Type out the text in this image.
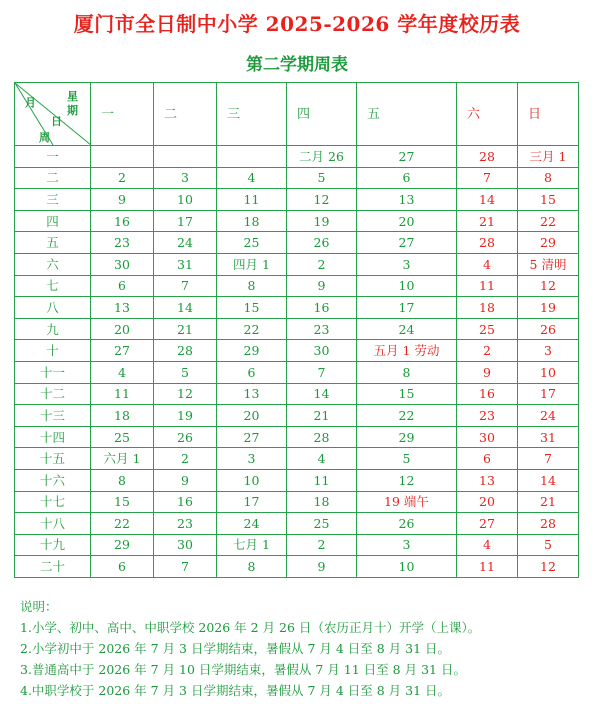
厦门市全日制中小学 2025-2026 学年度校历表
第二学期周表
月 星
期
日
周	一	二	三	四	五	六	日
一				二月 26	27	28	三月 1
二	2	3	4	5	6	7	8
三	9	10	11	12	13	14	15
四	16	17	18	19	20	21	22
五	23	24	25	26	27	28	29
六	30	31	四月 1	2	3	4	5 清明
七	6	7	8	9	10	11	12
八	13	14	15	16	17	18	19
九	20	21	22	23	24	25	26
十	27	28	29	30	五月 1 劳动	2	3
十一	4	5	6	7	8	9	10
十二	11	12	13	14	15	16	17
十三	18	19	20	21	22	23	24
十四	25	26	27	28	29	30	31
十五	六月 1	2	3	4	5	6	7
十六	8	9	10	11	12	13	14
十七	15	16	17	18	19 端午	20	21
十八	22	23	24	25	26	27	28
十九	29	30	七月 1	2	3	4	5
二十	6	7	8	9	10	11	12
说明：
1.小学、初中、高中、中职学校 2026 年 2 月 26 日（农历正月十）开学（上课）。
2.小学初中于 2026 年 7 月 3 日学期结束，暑假从 7 月 4 日至 8 月 31 日。
3.普通高中于 2026 年 7 月 10 日学期结束，暑假从 7 月 11 日至 8 月 31 日。
4.中职学校于 2026 年 7 月 3 日学期结束，暑假从 7 月 4 日至 8 月 31 日。
